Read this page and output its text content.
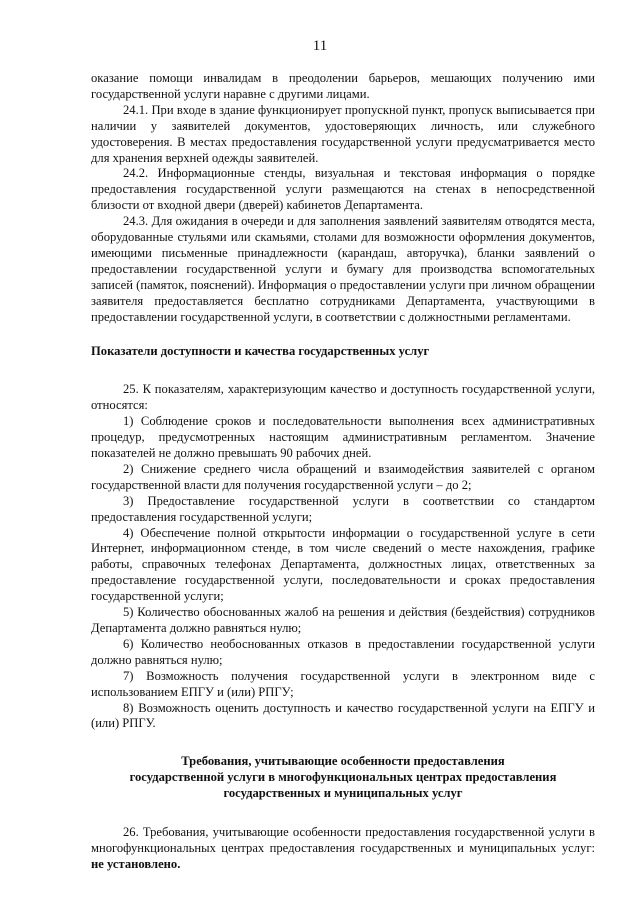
11

оказание помощи инвалидам в преодолении барьеров, мешающих получению ими государственной услуги наравне с другими лицами.

24.1. При входе в здание функционирует пропускной пункт, пропуск выписывается при наличии у заявителей документов, удостоверяющих личность, или служебного удостоверения. В местах предоставления государственной услуги предусматривается место для хранения верхней одежды заявителей.

24.2. Информационные стенды, визуальная и текстовая информация о порядке предоставления государственной услуги размещаются на стенах в непосредственной близости от входной двери (дверей) кабинетов Департамента.

24.3. Для ожидания в очереди и для заполнения заявлений заявителям отводятся места, оборудованные стульями или скамьями, столами для возможности оформления документов, имеющими письменные принадлежности (карандаш, авторучка), бланки заявлений о предоставлении государственной услуги и бумагу для производства вспомогательных записей (памяток, пояснений). Информация о предоставлении услуги при личном обращении заявителя предоставляется бесплатно сотрудниками Департамента, участвующими в предоставлении государственной услуги, в соответствии с должностными регламентами.

Показатели доступности и качества государственных услуг

25. К показателям, характеризующим качество и доступность государственной услуги, относятся:

1) Соблюдение сроков и последовательности выполнения всех административных процедур, предусмотренных настоящим административным регламентом. Значение показателей не должно превышать 90 рабочих дней.

2) Снижение среднего числа обращений и взаимодействия заявителей с органом государственной власти для получения государственной услуги – до 2;

3) Предоставление государственной услуги в соответствии со стандартом предоставления государственной услуги;

4) Обеспечение полной открытости информации о государственной услуге в сети Интернет, информационном стенде, в том числе сведений о месте нахождения, графике работы, справочных телефонах Департамента, должностных лицах, ответственных за предоставление государственной услуги, последовательности и сроках предоставления государственной услуги;

5) Количество обоснованных жалоб на решения и действия (бездействия) сотрудников Департамента должно равняться нулю;

6) Количество необоснованных отказов в предоставлении государственной услуги должно равняться нулю;

7) Возможность получения государственной услуги в электронном виде с использованием ЕПГУ и (или) РПГУ;

8) Возможность оценить доступность и качество государственной услуги на ЕПГУ и (или) РПГУ.

Требования, учитывающие особенности предоставления
государственной услуги в многофункциональных центрах предоставления
государственных и муниципальных услуг

26. Требования, учитывающие особенности предоставления государственной услуги в многофункциональных центрах предоставления государственных и муниципальных услуг: не установлено.
